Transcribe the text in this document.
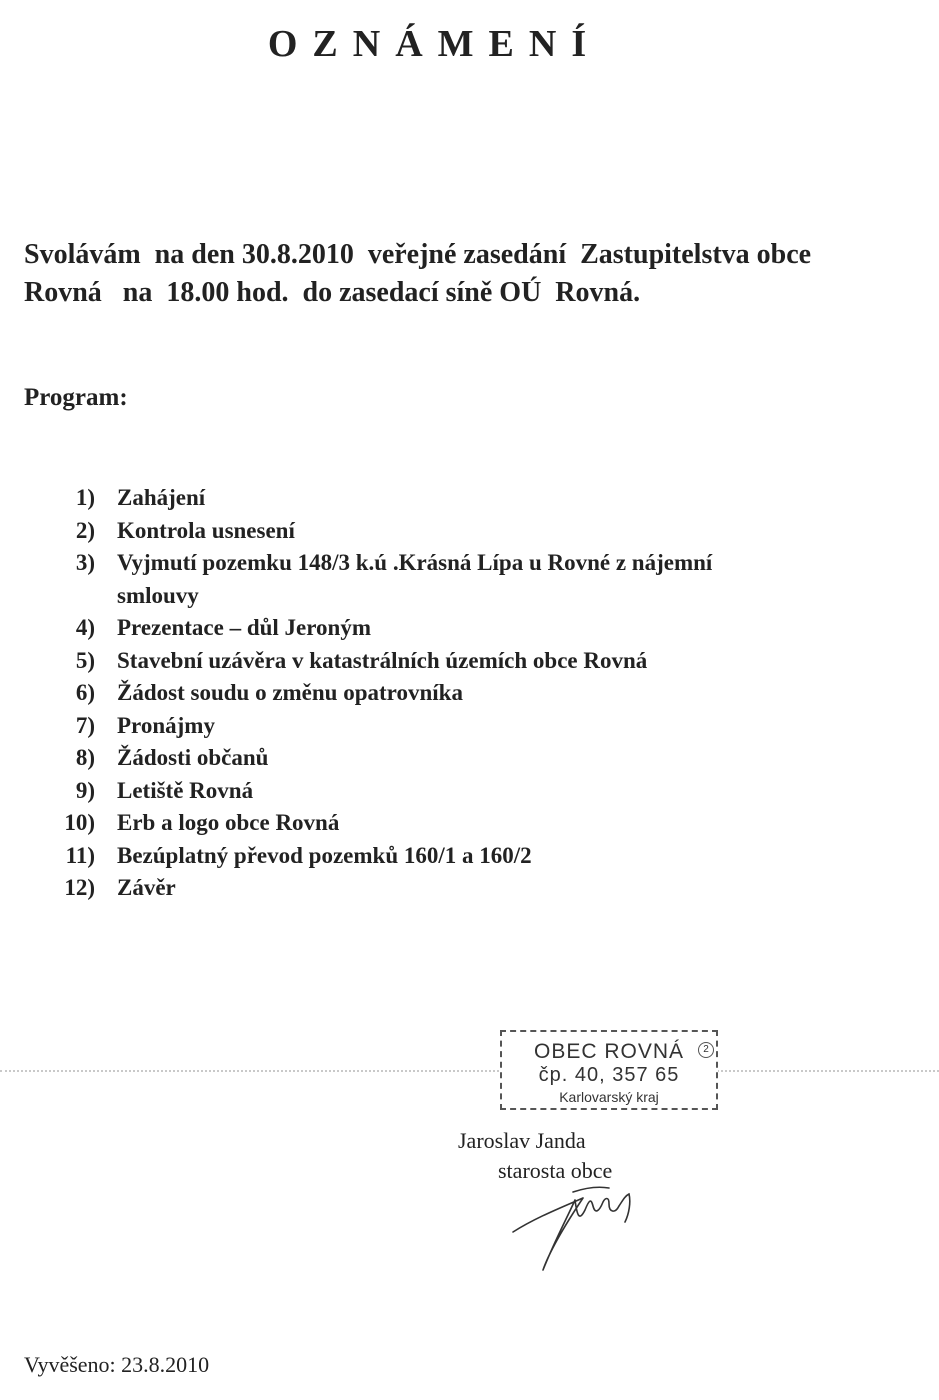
OZNÁMENÍ
Svolávám  na den 30.8.2010  veřejné zasedání  Zastupitelstva obce
Rovná   na  18.00 hod.  do zasedací síně OÚ  Rovná.
Program:
1) Zahájení
2) Kontrola usnesení
3) Vyjmutí pozemku 148/3 k.ú .Krásná Lípa u Rovné z nájemní
smlouvy
4) Prezentace – důl Jeroným
5) Stavební uzávěra v katastrálních územích obce Rovná
6) Žádost soudu o změnu opatrovníka
7) Pronájmy
8) Žádosti občanů
9) Letiště Rovná
10) Erb a logo obce Rovná
11) Bezúplatný převod pozemků 160/1 a 160/2
12) Závěr
OBEC ROVNÁ
čp. 40, 357 65
Karlovarský kraj
2
Jaroslav Janda
starosta obce
Vyvěšeno: 23.8.2010
